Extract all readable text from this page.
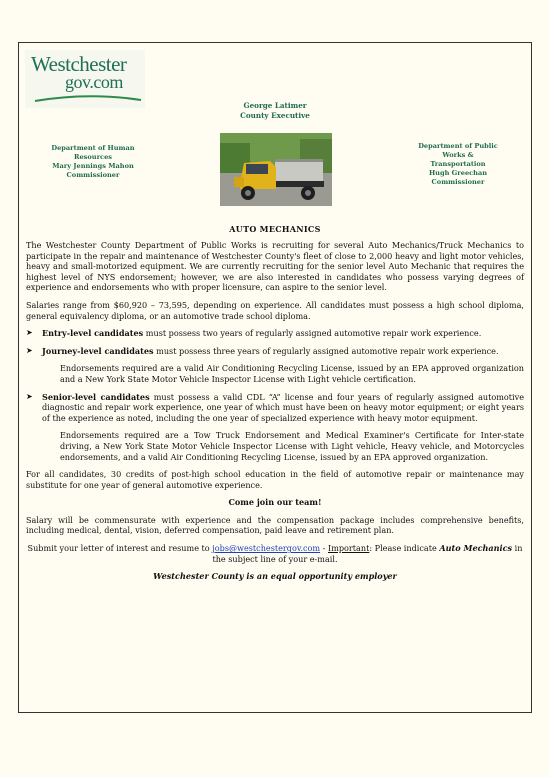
Westchester
gov.com
George Latimer
County Executive
Department of Human
Resources
Mary Jennings Mahon
Commissioner
Department of Public
Works &
Transportation
Hugh Greechan
Commissioner
AUTO MECHANICS

The Westchester County Department of Public Works is recruiting for several Auto Mechanics/Truck Mechanics to participate in the repair and maintenance of Westchester County's fleet of close to 2,000 heavy and light motor vehicles, heavy and small-motorized equipment. We are currently recruiting for the senior level Auto Mechanic that requires the highest level of NYS endorsement; however, we are also interested in candidates who possess varying degrees of experience and endorsements who with proper licensure, can aspire to the senior level.

Salaries range from $60,920 – 73,595, depending on experience. All candidates must possess a high school diploma, general equivalency diploma, or an automotive trade school diploma.

➤ Entry-level candidates must possess two years of regularly assigned automotive repair work experience.
➤ Journey-level candidates must possess three years of regularly assigned automotive repair work experience.

Endorsements required are a valid Air Conditioning Recycling License, issued by an EPA approved organization and a New York State Motor Vehicle Inspector License with Light vehicle certification.

➤ Senior-level candidates must possess a valid CDL “A” license and four years of regularly assigned automotive diagnostic and repair work experience, one year of which must have been on heavy motor equipment; or eight years of the experience as noted, including the one year of specialized experience with heavy motor equipment.

Endorsements required are a Tow Truck Endorsement and Medical Examiner's Certificate for Inter-state driving, a New York State Motor Vehicle Inspector License with Light vehicle, Heavy vehicle, and Motorcycles endorsements, and a valid Air Conditioning Recycling License, issued by an EPA approved organization.

For all candidates, 30 credits of post-high school education in the field of automotive repair or maintenance may substitute for one year of general automotive experience.

Come join our team!

Salary will be commensurate with experience and the compensation package includes comprehensive benefits, including medical, dental, vision, deferred compensation, paid leave and retirement plan.

Submit your letter of interest and resume to jobs@westchestergov.com - Important: Please indicate Auto Mechanics in the subject line of your e-mail.

Westchester County is an equal opportunity employer
